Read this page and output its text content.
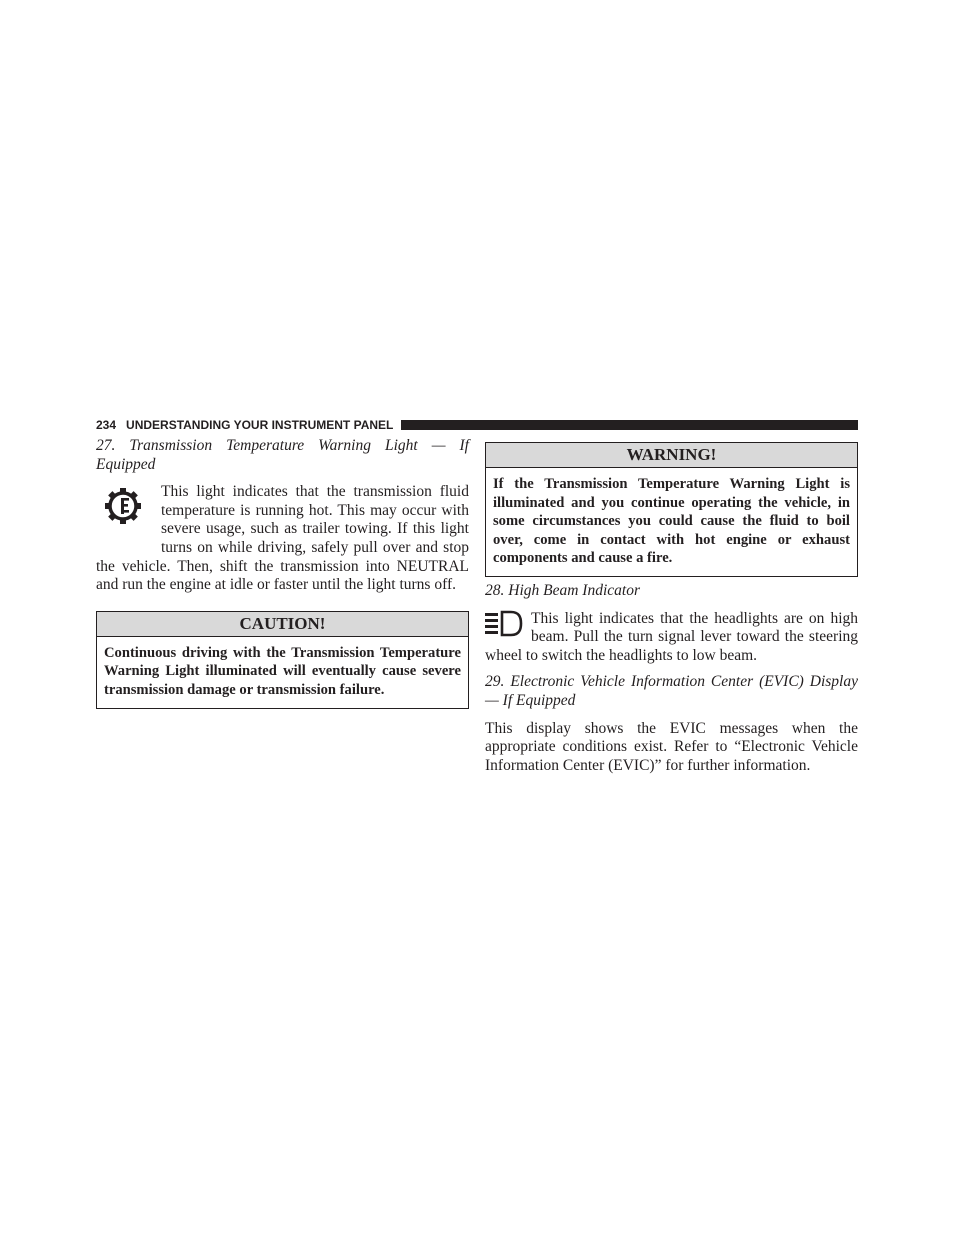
234 UNDERSTANDING YOUR INSTRUMENT PANEL

27. Transmission Temperature Warning Light — If Equipped

This light indicates that the transmission fluid temperature is running hot. This may occur with severe usage, such as trailer towing. If this light turns on while driving, safely pull over and stop the vehicle. Then, shift the transmission into NEUTRAL and run the engine at idle or faster until the light turns off.

CAUTION!
Continuous driving with the Transmission Temperature Warning Light illuminated will eventually cause severe transmission damage or transmission failure.
WARNING!
If the Transmission Temperature Warning Light is illuminated and you continue operating the vehicle, in some circumstances you could cause the fluid to boil over, come in contact with hot engine or exhaust components and cause a fire.

28. High Beam Indicator

This light indicates that the headlights are on high beam. Pull the turn signal lever toward the steering wheel to switch the headlights to low beam.

29. Electronic Vehicle Information Center (EVIC) Display — If Equipped

This display shows the EVIC messages when the appropriate conditions exist. Refer to “Electronic Vehicle Information Center (EVIC)” for further information.
